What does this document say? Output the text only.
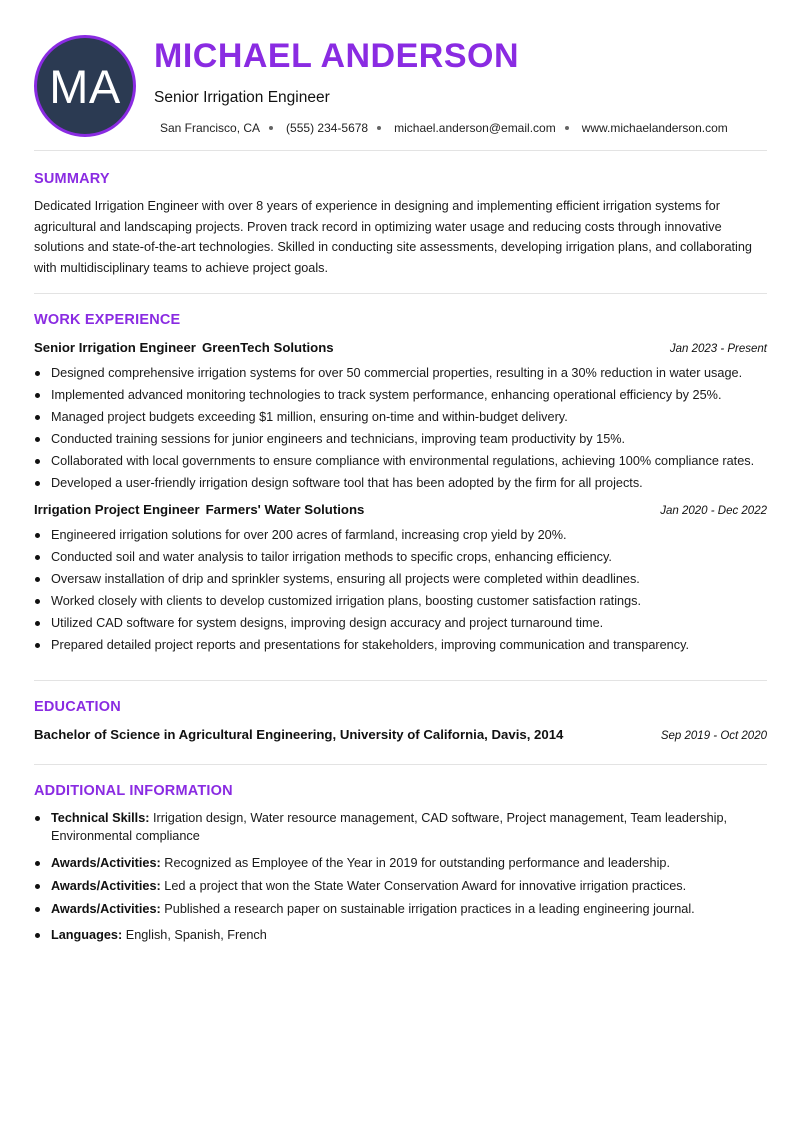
MA
MICHAEL ANDERSON
Senior Irrigation Engineer
San Francisco, CA (555) 234-5678 michael.anderson@email.com www.michaelanderson.com
SUMMARY

Dedicated Irrigation Engineer with over 8 years of experience in designing and implementing efficient irrigation systems for agricultural and landscaping projects. Proven track record in optimizing water usage and reducing costs through innovative solutions and state-of-the-art technologies. Skilled in conducting site assessments, developing irrigation plans, and collaborating with multidisciplinary teams to achieve project goals.

WORK EXPERIENCE
Senior Irrigation Engineer GreenTech Solutions	Jan 2023 - Present
Designed comprehensive irrigation systems for over 50 commercial properties, resulting in a 30% reduction in water usage.
Implemented advanced monitoring technologies to track system performance, enhancing operational efficiency by 25%.
Managed project budgets exceeding $1 million, ensuring on-time and within-budget delivery.
Conducted training sessions for junior engineers and technicians, improving team productivity by 15%.
Collaborated with local governments to ensure compliance with environmental regulations, achieving 100% compliance rates.
Developed a user-friendly irrigation design software tool that has been adopted by the firm for all projects.
Irrigation Project Engineer Farmers' Water Solutions	Jan 2020 - Dec 2022
Engineered irrigation solutions for over 200 acres of farmland, increasing crop yield by 20%.
Conducted soil and water analysis to tailor irrigation methods to specific crops, enhancing efficiency.
Oversaw installation of drip and sprinkler systems, ensuring all projects were completed within deadlines.
Worked closely with clients to develop customized irrigation plans, boosting customer satisfaction ratings.
Utilized CAD software for system designs, improving design accuracy and project turnaround time.
Prepared detailed project reports and presentations for stakeholders, improving communication and transparency.
EDUCATION
Bachelor of Science in Agricultural Engineering, University of California, Davis, 2014	Sep 2019 - Oct 2020
ADDITIONAL INFORMATION
Technical Skills: Irrigation design, Water resource management, CAD software, Project management, Team leadership, Environmental compliance
Awards/Activities: Recognized as Employee of the Year in 2019 for outstanding performance and leadership.
Awards/Activities: Led a project that won the State Water Conservation Award for innovative irrigation practices.
Awards/Activities: Published a research paper on sustainable irrigation practices in a leading engineering journal.
Languages: English, Spanish, French
